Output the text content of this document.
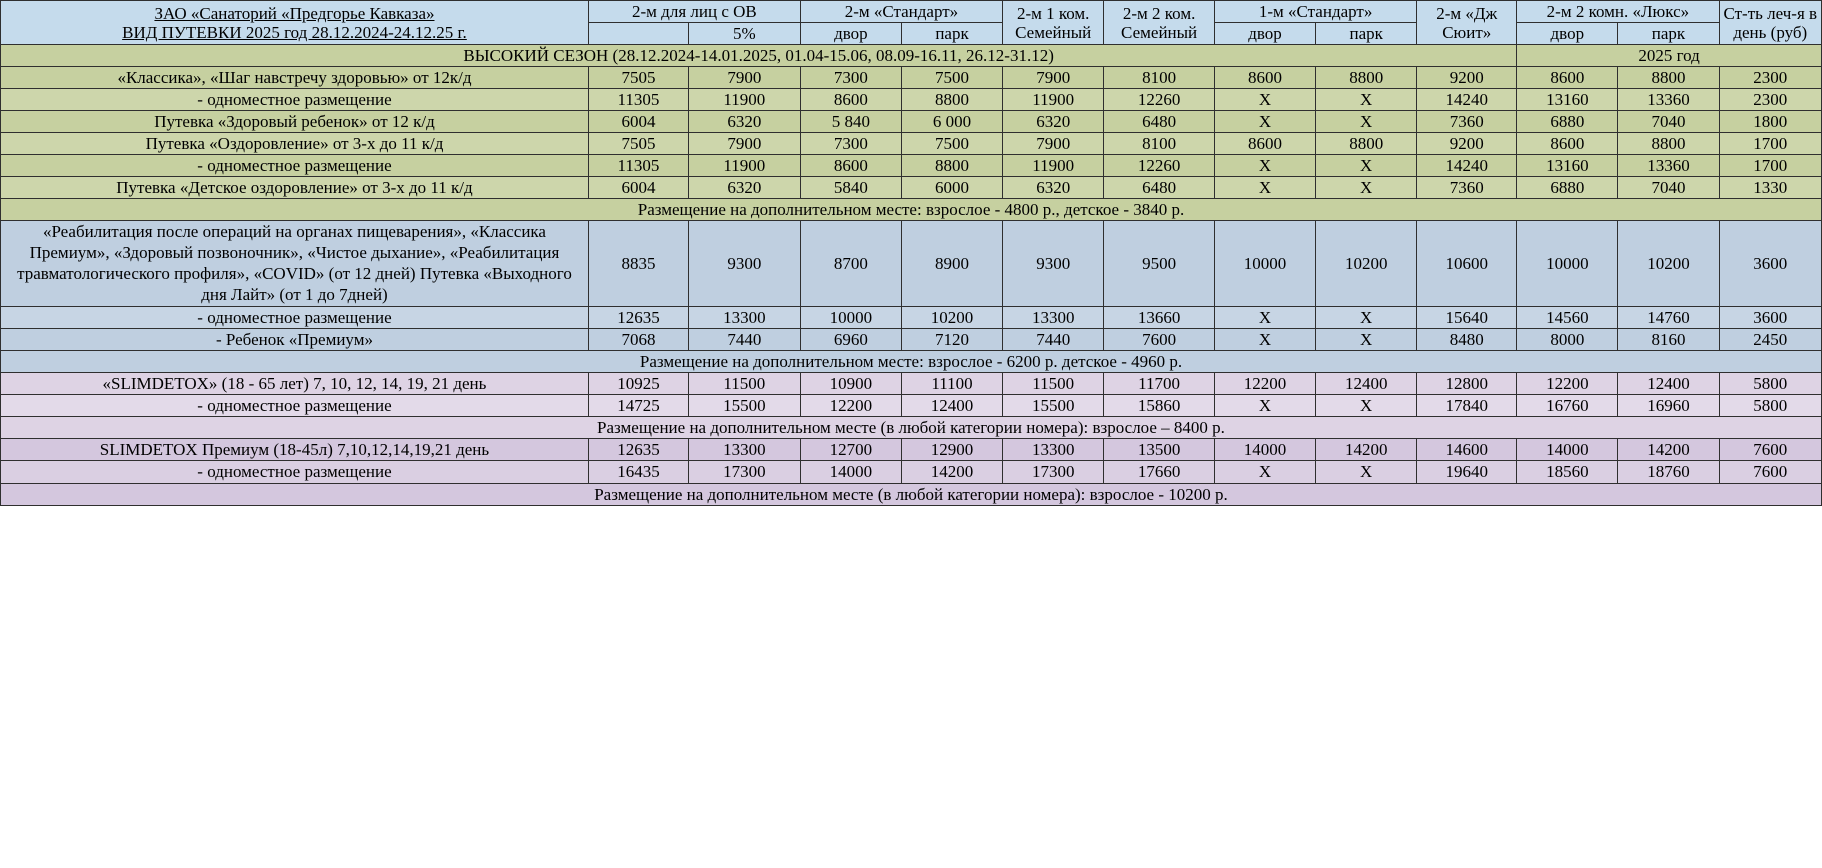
ЗАО «Санаторий «Предгорье Кавказа»
ВИД ПУТЕВКИ 2025 год 28.12.2024-24.12.25 г.	2-м для лиц с ОВ		2-м «Стандарт»		2-м 1 ком. Семейный	2-м 2 ком. Семейный	1-м «Стандарт»		2-м «Дж Сюит»	2-м 2 комн. «Люкс»		Ст-ть леч-я в день (руб)
		5%	двор	парк			двор	парк		двор	парк	
ВЫСОКИЙ СЕЗОН (28.12.2024-14.01.2025, 01.04-15.06, 08.09-16.11, 26.12-31.12)										2025 год		
«Классика», «Шаг навстречу здоровью» от 12к/д	7505	7900	7300	7500	7900	8100	8600	8800	9200	8600	8800	2300
- одноместное размещение	11305	11900	8600	8800	11900	12260	X	X	14240	13160	13360	2300
Путевка «Здоровый ребенок» от 12 к/д	6004	6320	5 840	6 000	6320	6480	X	X	7360	6880	7040	1800
Путевка «Оздоровление» от 3-х до 11 к/д	7505	7900	7300	7500	7900	8100	8600	8800	9200	8600	8800	1700
- одноместное размещение	11305	11900	8600	8800	11900	12260	X	X	14240	13160	13360	1700
Путевка «Детское оздоровление» от 3-х до 11 к/д	6004	6320	5840	6000	6320	6480	X	X	7360	6880	7040	1330
Размещение на дополнительном месте: взрослое - 4800 р., детское - 3840 р.												
«Реабилитация после операций на органах пищеварения», «Классика Премиум», «Здоровый позвоночник», «Чистое дыхание», «Реабилитация травматологического профиля», «COVID» (от 12 дней) Путевка «Выходного дня Лайт» (от 1 до 7дней)	8835	9300	8700	8900	9300	9500	10000	10200	10600	10000	10200	3600
- одноместное размещение	12635	13300	10000	10200	13300	13660	X	X	15640	14560	14760	3600
- Ребенок «Премиум»	7068	7440	6960	7120	7440	7600	X	X	8480	8000	8160	2450
Размещение на дополнительном месте: взрослое - 6200 р. детское - 4960 р.												
«SLIMDETOX» (18 - 65 лет) 7, 10, 12, 14, 19, 21 день	10925	11500	10900	11100	11500	11700	12200	12400	12800	12200	12400	5800
- одноместное размещение	14725	15500	12200	12400	15500	15860	X	X	17840	16760	16960	5800
Размещение на дополнительном месте (в любой категории номера): взрослое – 8400 р.												
SLIMDETOX Премиум (18-45л) 7,10,12,14,19,21 день	12635	13300	12700	12900	13300	13500	14000	14200	14600	14000	14200	7600
- одноместное размещение	16435	17300	14000	14200	17300	17660	X	X	19640	18560	18760	7600
Размещение на дополнительном месте (в любой категории номера): взрослое - 10200 р.												
